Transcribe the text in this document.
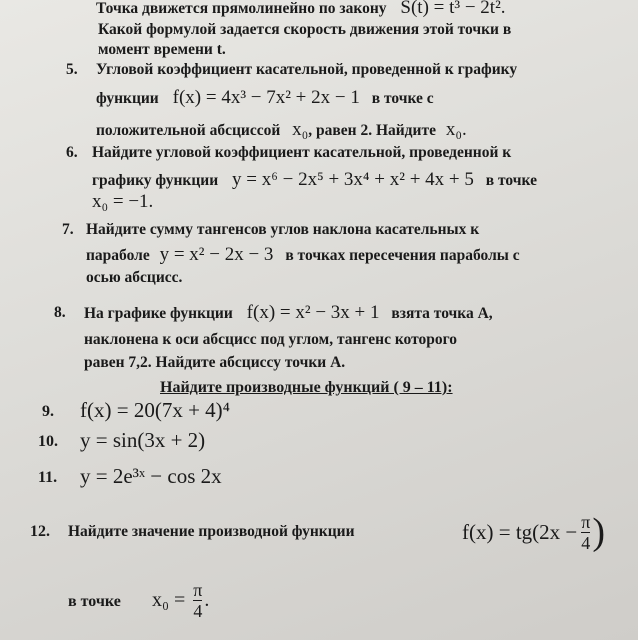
Точка движется прямолинейно по закону S(t) = t³ − 2t².
Какой формулой задается скорость движения этой точки в
момент времени t.
5. Угловой коэффициент касательной, проведенной к графику
функции f(x) = 4x³ − 7x² + 2x − 1 в точке с
положительной абсциссой x₀, равен 2. Найдите x₀.
6. Найдите угловой коэффициент касательной, проведенной к
графику функции y = x⁶ − 2x⁵ + 3x⁴ + x² + 4x + 5 в точке
x₀ = −1.
7. Найдите сумму тангенсов углов наклона касательных к
параболе y = x² − 2x − 3 в точках пересечения параболы с
осью абсцисс.
8. На графике функции f(x) = x² − 3x + 1 взята точка А,
наклонена к оси абсцисс под углом, тангенс которого
равен 7,2. Найдите абсциссу точки А.
Найдите производные функций ( 9 – 11):
9. f(x) = 20(7x + 4)⁴
10. y = sin(3x + 2)
11. y = 2e³ˣ − cos 2x
12. Найдите значение производной функции	$f(x) = tg(2x - \frac{\pi}{4}$ )
в точке $x_0 = \frac{\pi}{4}$ .
